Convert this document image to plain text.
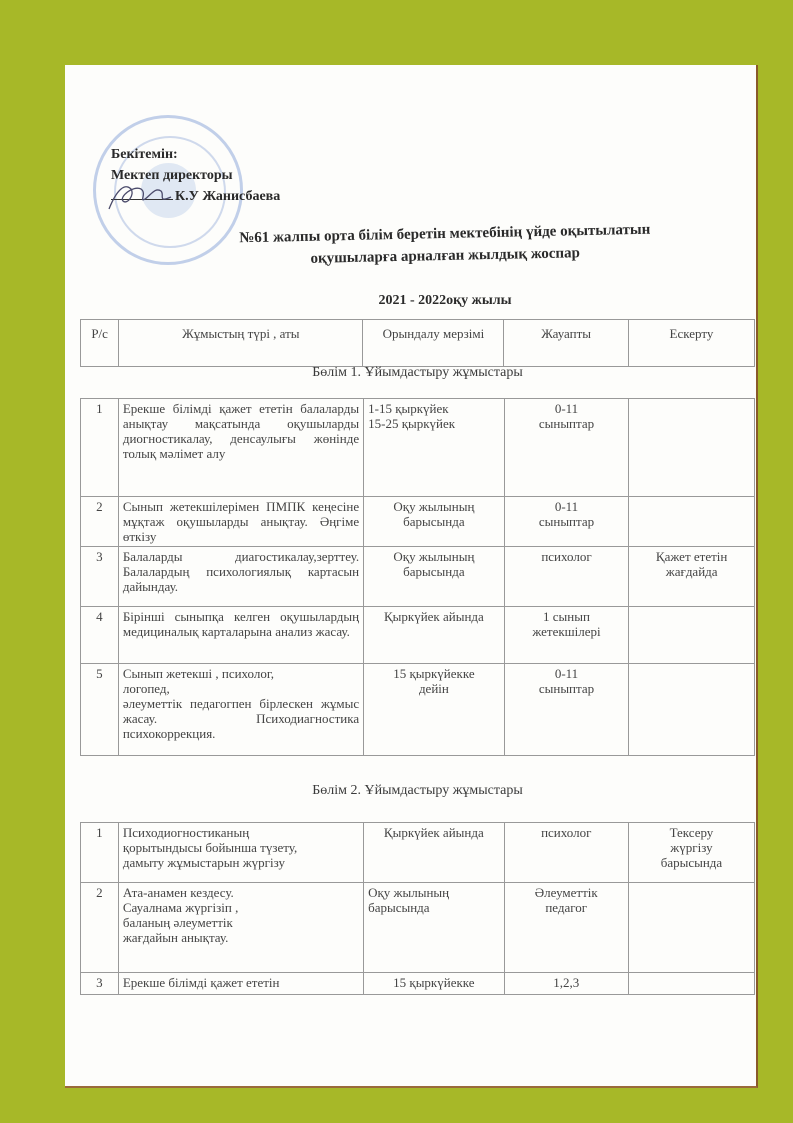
Бекітемін:
Мектеп директоры
К.У Жанисбаева
№61 жалпы орта білім беретін мектебінің үйде оқытылатын
оқушыларға арналған жылдық жоспар
2021 - 2022оқу жылы
Р/с	Жұмыстың түрі , аты	Орындалу мерзімі	Жауапты	Ескерту
Бөлім 1. Ұйымдастыру жұмыстары
1	Ерекше білімді қажет ететін балаларды анықтау мақсатында оқушыларды диогностикалау, денсаулығы жөнінде толық мәлімет алу	1-15 қыркүйек
15-25 қыркүйек	0-11
сыныптар	
2	Сынып жетекшілерімен ПМПК кеңесіне мұқтаж оқушыларды анықтау. Әңгіме өткізу	Оқу жылының
барысында	0-11
сыныптар	
3	Балаларды диагостикалау,зерттеу. Балалардың психологиялық картасын дайындау.	Оқу жылының
барысында	психолог	Қажет ететін
жағдайда
4	Бірінші сыныпқа келген оқушылардың медициналық карталарына анализ жасау.	Қыркүйек айында	1 сынып
жетекшілері	
5	Сынып жетекші , психолог,
логопед,
әлеуметтік педагогпен бірлескен жұмыс жасау. Психодиагностика психокоррекция.	15 қыркүйекке
дейін	0-11
сыныптар	
Бөлім 2. Ұйымдастыру жұмыстары
1	Психодиогностиканың
қорытындысы бойынша түзету,
дамыту жұмыстарын жүргізу	Қыркүйек айында	психолог	Тексеру
жүргізу
барысында
2	Ата-анамен кездесу.
Сауалнама жүргізіп ,
баланың әлеуметтік
жағдайын анықтау.	Оқу жылының
барысында	Әлеуметтік
педагог	
3	Ерекше білімді қажет ететін	15 қыркүйекке	1,2,3	
